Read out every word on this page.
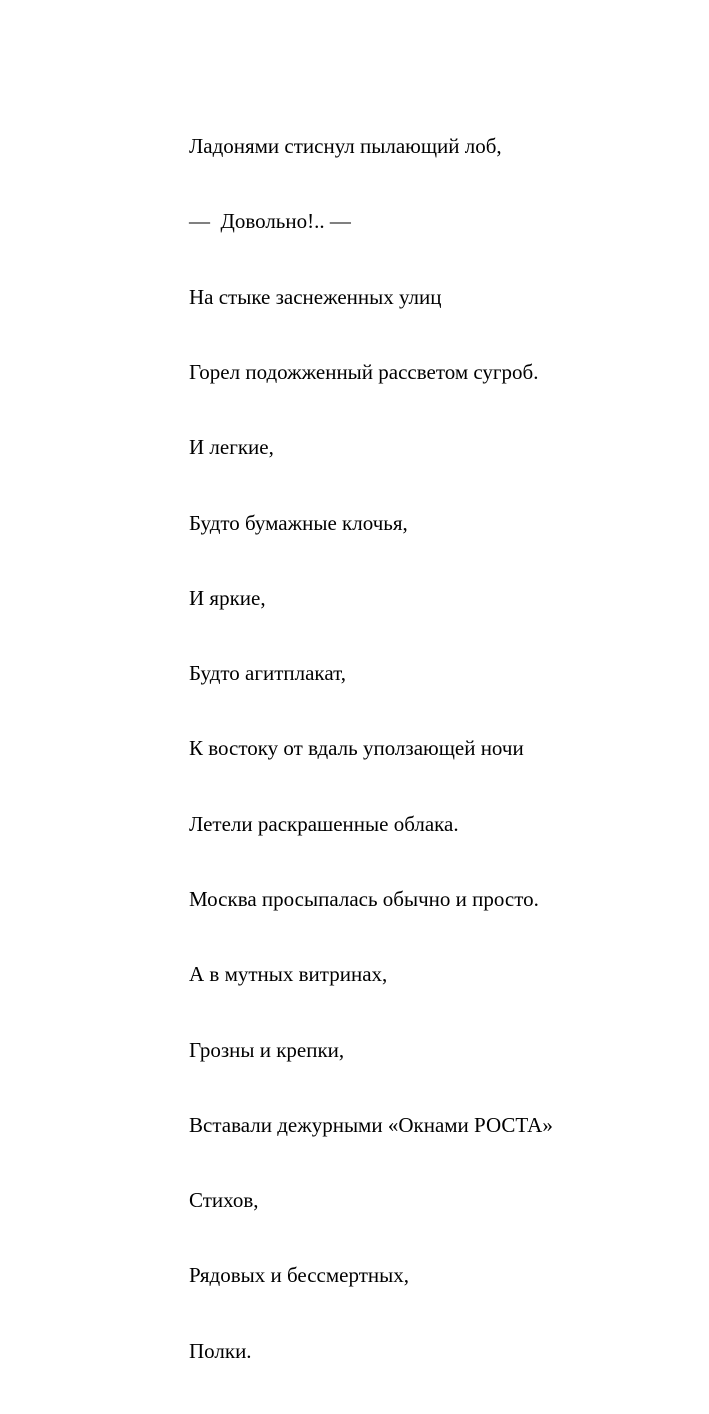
Ладонями стиснул пылающий лоб,

—  Довольно!.. —

На стыке заснеженных улиц

Горел подожженный рассветом сугроб.

И легкие,

Будто бумажные клочья,

И яркие,

Будто агитплакат,

К востоку от вдаль уползающей ночи

Летели раскрашенные облака.

Москва просыпалась обычно и просто.

А в мутных витринах,

Грозны и крепки,

Вставали дежурными «Окнами РОСТА»

Стихов,

Рядовых и бессмертных,

Полки.
